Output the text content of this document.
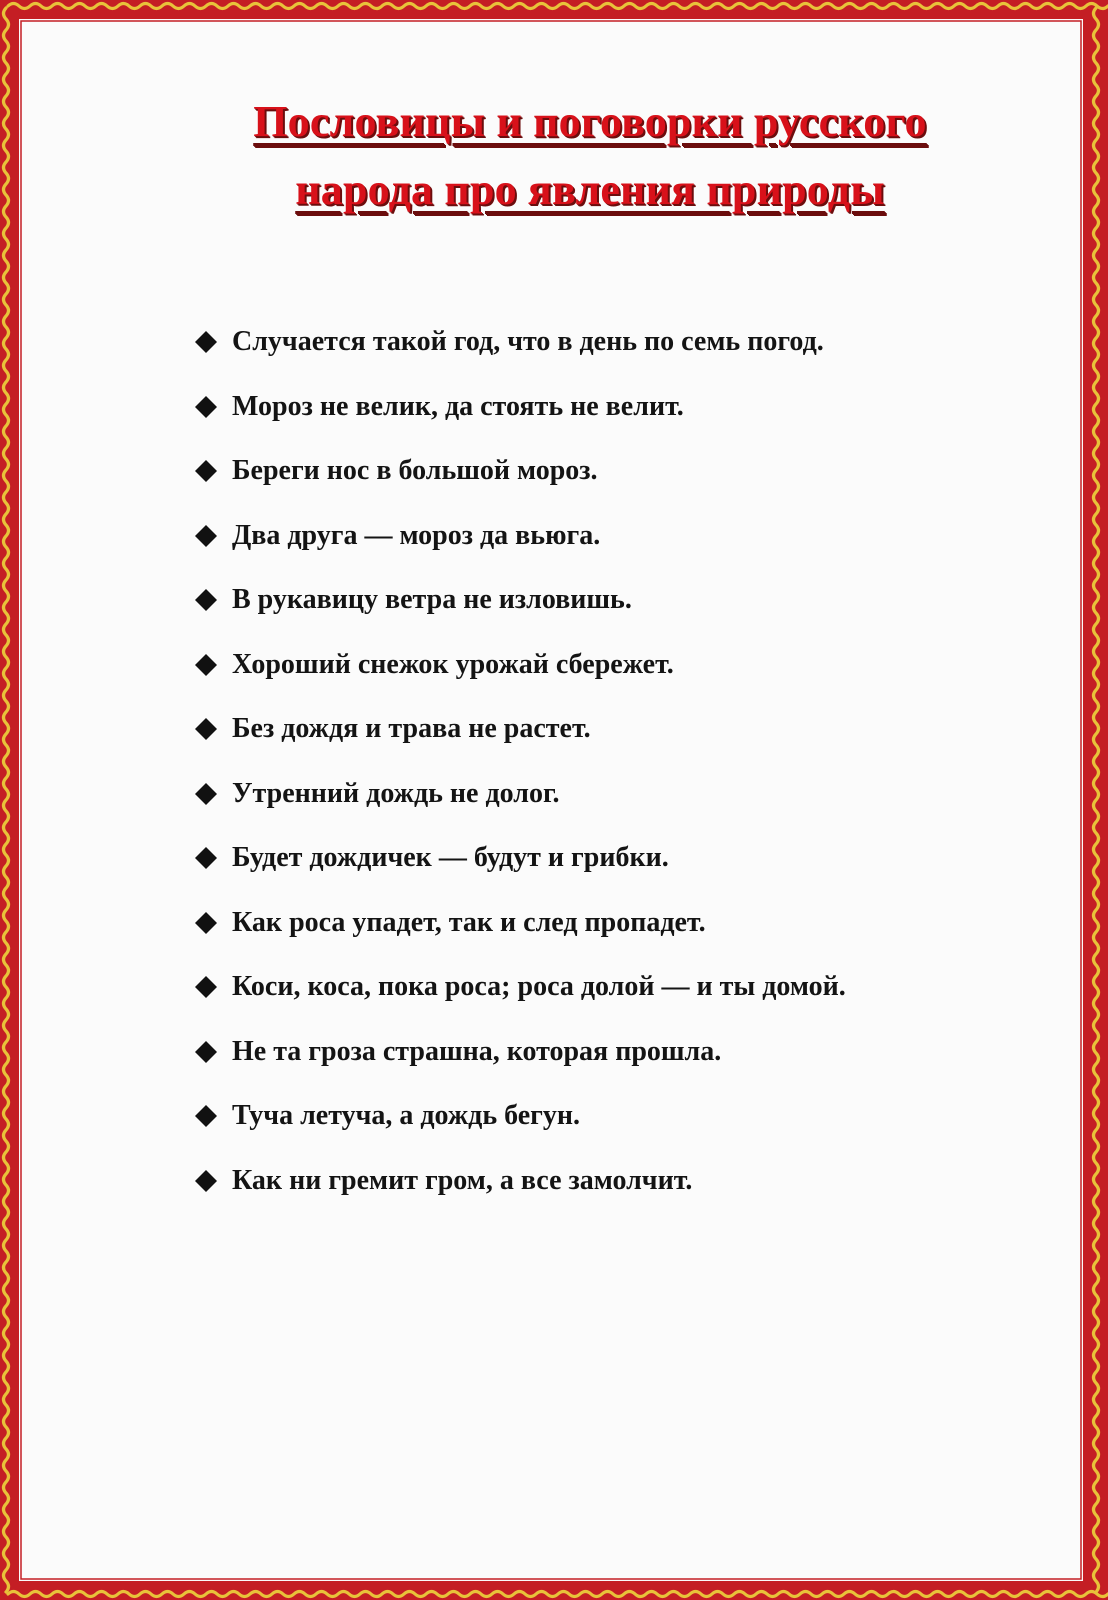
Пословицы и поговорки русского
народа про явления природы
Случается такой год, что в день по семь погод.
Мороз не велик, да стоять не велит.
Береги нос в большой мороз.
Два друга — мороз да вьюга.
В рукавицу ветра не изловишь.
Хороший снежок урожай сбережет.
Без дождя и трава не растет.
Утренний дождь не долог.
Будет дождичек — будут и грибки.
Как роса упадет, так и след пропадет.
Коси, коса, пока роса; роса долой — и ты домой.
Не та гроза страшна, которая прошла.
Туча летуча, а дождь бегун.
Как ни гремит гром, а все замолчит.
